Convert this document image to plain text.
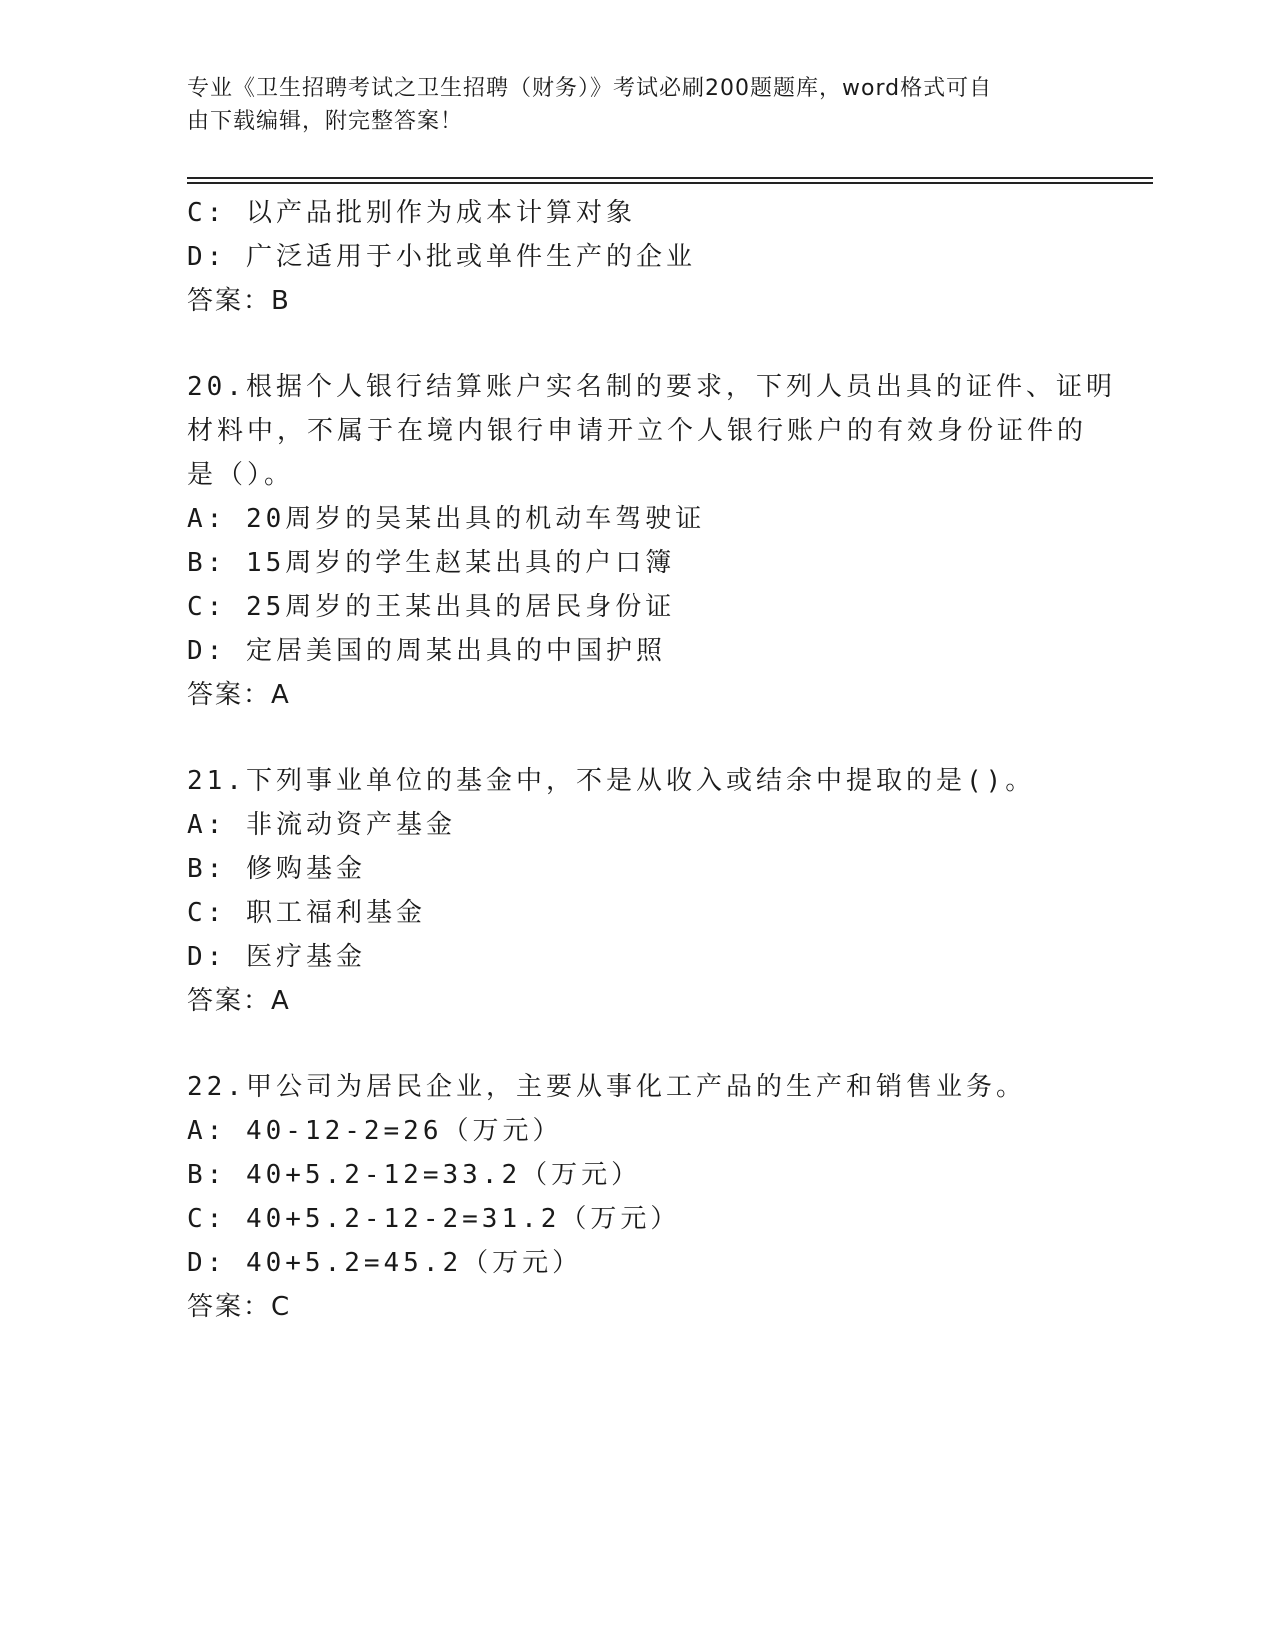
专业《卫生招聘考试之卫生招聘（财务）》考试必刷200题题库，word格式可自
由下载编辑，附完整答案！
C: 以产品批别作为成本计算对象
D: 广泛适用于小批或单件生产的企业
答案：B
20.根据个人银行结算账户实名制的要求，下列人员出具的证件、证明
材料中，不属于在境内银行申请开立个人银行账户的有效身份证件的
是（）。
A: 20周岁的吴某出具的机动车驾驶证
B: 15周岁的学生赵某出具的户口簿
C: 25周岁的王某出具的居民身份证
D: 定居美国的周某出具的中国护照
答案：A
21.下列事业单位的基金中，不是从收入或结余中提取的是()。
A: 非流动资产基金
B: 修购基金
C: 职工福利基金
D: 医疗基金
答案：A
22.甲公司为居民企业，主要从事化工产品的生产和销售业务。
A: 40-12-2=26（万元）
B: 40+5.2-12=33.2（万元）
C: 40+5.2-12-2=31.2（万元）
D: 40+5.2=45.2（万元）
答案：C
